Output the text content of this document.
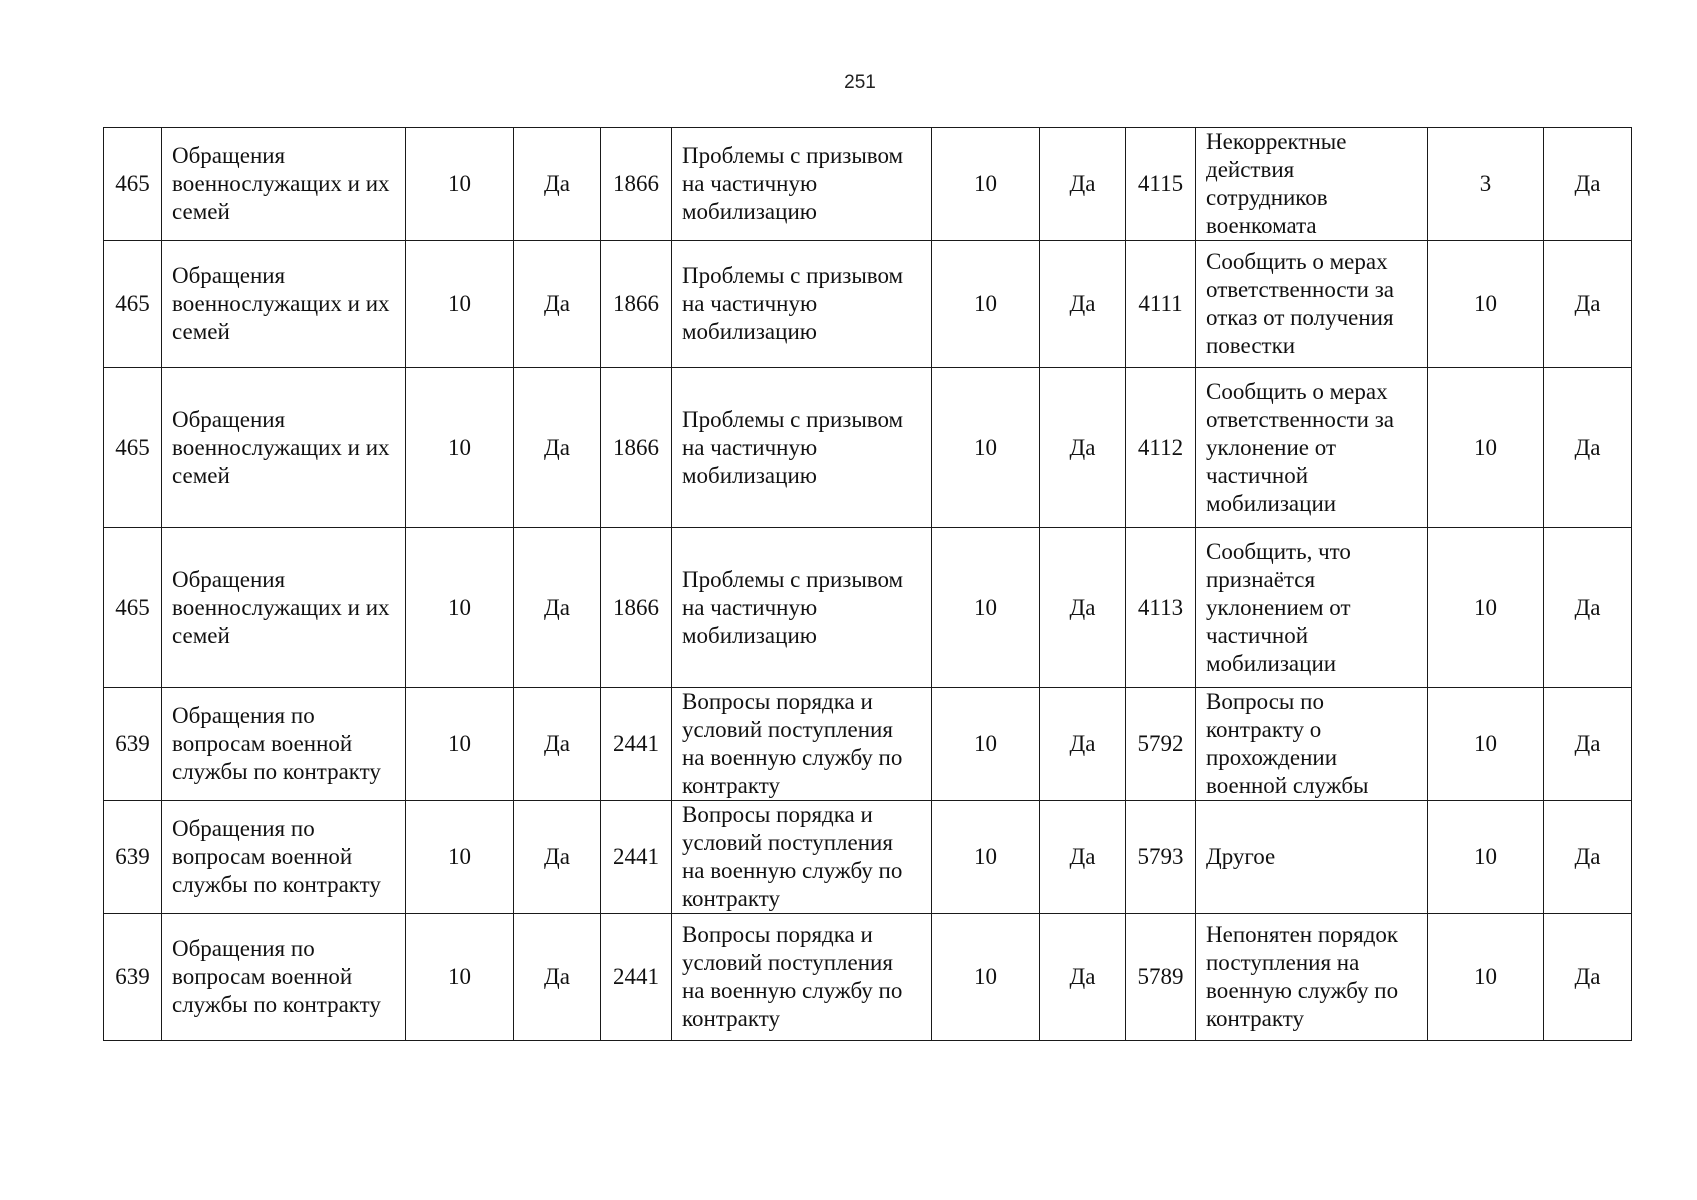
251
465	Обращения военнослужащих и их семей	10	Да	1866	Проблемы с призывом на частичную мобилизацию	10	Да	4115	Некорректные действия сотрудников военкомата	3	Да
465	Обращения военнослужащих и их семей	10	Да	1866	Проблемы с призывом на частичную мобилизацию	10	Да	4111	Сообщить о мерах ответственности за отказ от получения повестки	10	Да
465	Обращения военнослужащих и их семей	10	Да	1866	Проблемы с призывом на частичную мобилизацию	10	Да	4112	Сообщить о мерах ответственности за уклонение от частичной мобилизации	10	Да
465	Обращения военнослужащих и их семей	10	Да	1866	Проблемы с призывом на частичную мобилизацию	10	Да	4113	Сообщить, что признаётся уклонением от частичной мобилизации	10	Да
639	Обращения по вопросам военной службы по контракту	10	Да	2441	Вопросы порядка и условий поступления на военную службу по контракту	10	Да	5792	Вопросы по контракту о прохождении военной службы	10	Да
639	Обращения по вопросам военной службы по контракту	10	Да	2441	Вопросы порядка и условий поступления на военную службу по контракту	10	Да	5793	Другое	10	Да
639	Обращения по вопросам военной службы по контракту	10	Да	2441	Вопросы порядка и условий поступления на военную службу по контракту	10	Да	5789	Непонятен порядок поступления на военную службу по контракту	10	Да
